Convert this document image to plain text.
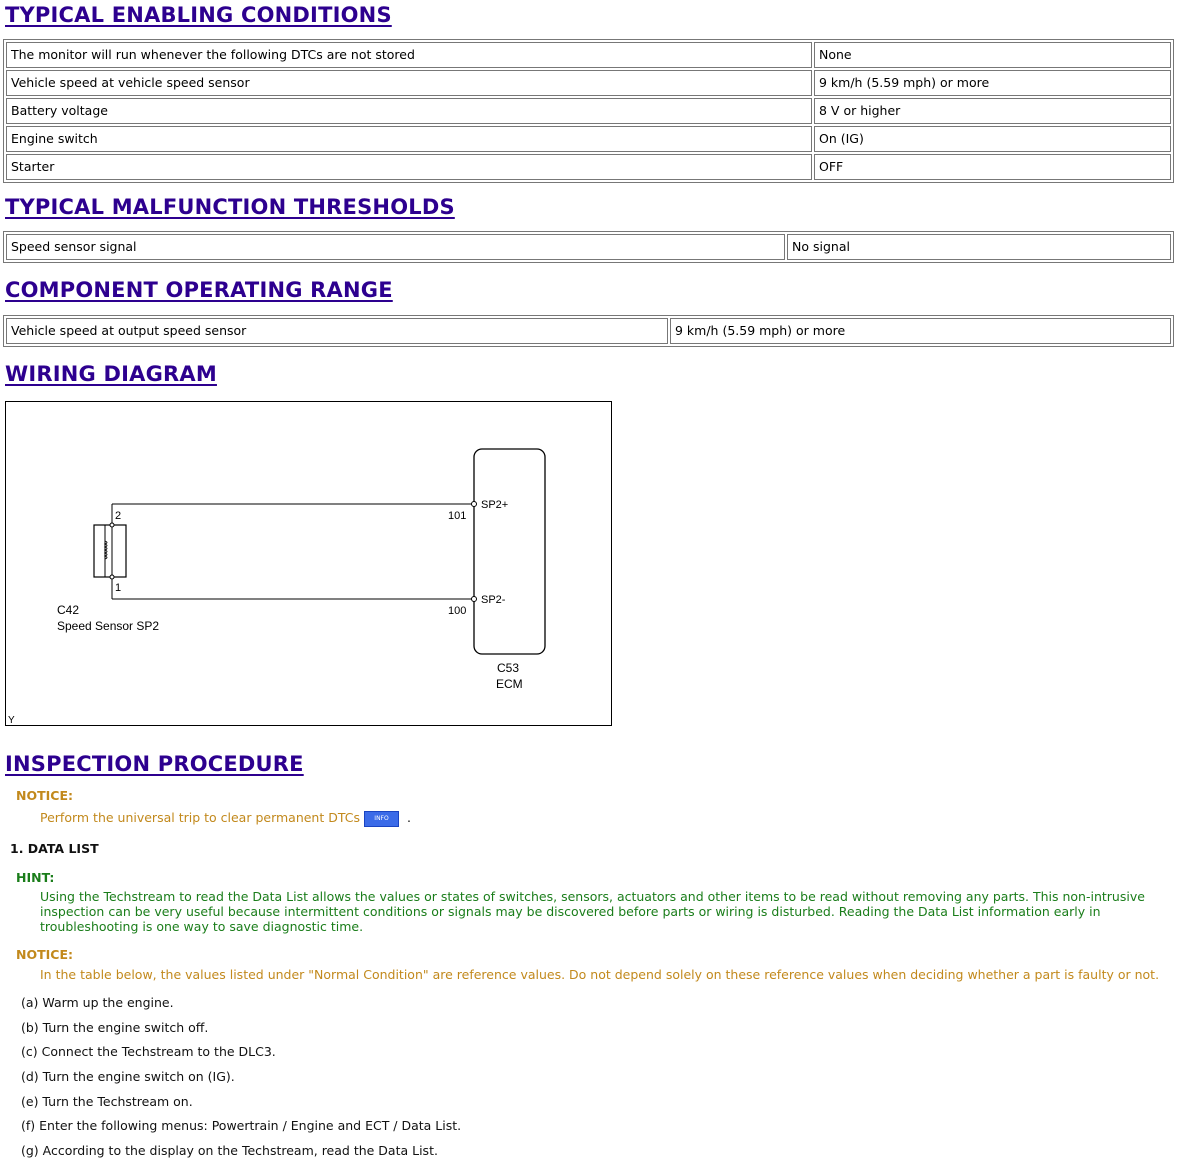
TYPICAL ENABLING CONDITIONS
The monitor will run whenever the following DTCs are not stored	None
Vehicle speed at vehicle speed sensor	9 km/h (5.59 mph) or more
Battery voltage	8 V or higher
Engine switch	On (IG)
Starter	OFF
TYPICAL MALFUNCTION THRESHOLDS
Speed sensor signal	No signal
COMPONENT OPERATING RANGE
Vehicle speed at output speed sensor	9 km/h (5.59 mph) or more
WIRING DIAGRAM
2
1
101
100
SP2+
SP2-
C42
Speed Sensor SP2
C53
ECM
Y
INSPECTION PROCEDURE
NOTICE:
Perform the universal trip to clear permanent DTCs INFO .
1. DATA LIST
HINT:
Using the Techstream to read the Data List allows the values or states of switches, sensors, actuators and other items to be read without removing any parts. This non-intrusive inspection can be very useful because intermittent conditions or signals may be discovered before parts or wiring is disturbed. Reading the Data List information early in troubleshooting is one way to save diagnostic time.
NOTICE:
In the table below, the values listed under "Normal Condition" are reference values. Do not depend solely on these reference values when deciding whether a part is faulty or not.
(a) Warm up the engine.
(b) Turn the engine switch off.
(c) Connect the Techstream to the DLC3.
(d) Turn the engine switch on (IG).
(e) Turn the Techstream on.
(f) Enter the following menus: Powertrain / Engine and ECT / Data List.
(g) According to the display on the Techstream, read the Data List.
